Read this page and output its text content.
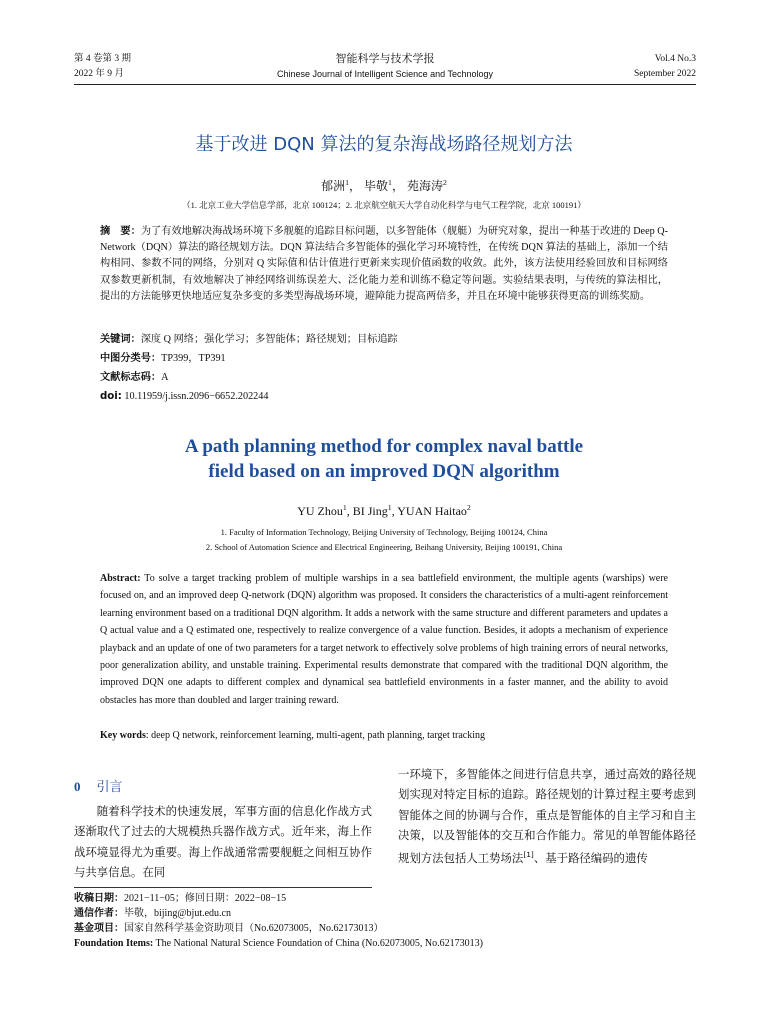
第 4 卷第 3 期
2022 年 9 月
智能科学与技术学报
Chinese Journal of Intelligent Science and Technology
Vol.4 No.3
September 2022
基于改进 DQN 算法的复杂海战场路径规划方法
郁洲$^1$， 毕敬$^1$， 苑海涛$^2$
（1. 北京工业大学信息学部，北京 100124；2. 北京航空航天大学自动化科学与电气工程学院，北京 100191）
摘　要：为了有效地解决海战场环境下多舰艇的追踪目标问题，以多智能体（舰艇）为研究对象，提出一种基于改进的 Deep Q-Network（DQN）算法的路径规划方法。DQN 算法结合多智能体的强化学习环境特性，在传统 DQN 算法的基础上，添加一个结构相同、参数不同的网络，分别对 Q 实际值和估计值进行更新来实现价值函数的收敛。此外，该方法使用经验回放和目标网络双参数更新机制，有效地解决了神经网络训练误差大、泛化能力差和训练不稳定等问题。实验结果表明，与传统的算法相比，提出的方法能够更快地适应复杂多变的多类型海战场环境，避障能力提高两倍多，并且在环境中能够获得更高的训练奖励。
关键词：深度 Q 网络；强化学习；多智能体；路径规划；目标追踪
中图分类号：TP399，TP391
文献标志码：A
doi: 10.11959/j.issn.2096−6652.202244
A path planning method for complex naval battle
field based on an improved DQN algorithm
YU Zhou$^1$, BI Jing$^1$, YUAN Haitao$^2$
1. Faculty of Information Technology, Beijing University of Technology, Beijing 100124, China
2. School of Automation Science and Electrical Engineering, Beihang University, Beijing 100191, China
Abstract: To solve a target tracking problem of multiple warships in a sea battlefield environment, the multiple agents (warships) were focused on, and an improved deep Q-network (DQN) algorithm was proposed. It considers the characteristics of a multi-agent reinforcement learning environment based on a traditional DQN algorithm. It adds a network with the same structure and different parameters and updates a Q actual value and a Q estimated one, respectively to realize convergence of a value function. Besides, it adopts a mechanism of experience playback and an update of one of two parameters for a target network to effectively solve problems of high training errors of neural networks, poor generalization ability, and unstable training. Experimental results demonstrate that compared with the traditional DQN algorithm, the improved DQN one adapts to different complex and dynamical sea battlefield environments in a faster manner, and the ability to avoid obstacles has more than doubled and larger training reward.
Key words: deep Q network, reinforcement learning, multi-agent, path planning, target tracking
0 引言
随着科学技术的快速发展，军事方面的信息化作战方式逐渐取代了过去的大规模热兵器作战方式。近年来，海上作战环境显得尤为重要。海上作战通常需要舰艇之间相互协作与共享信息。在同
一环境下，多智能体之间进行信息共享，通过高效的路径规划实现对特定目标的追踪。路径规划的计算过程主要考虑到智能体之间的协调与合作，重点是智能体的自主学习和自主决策，以及智能体的交互和合作能力。常见的单智能体路径规划方法包括人工势场法[1]、基于路径编码的遗传
收稿日期：2021−11−05；修回日期：2022−08−15
通信作者：毕敬，bijing@bjut.edu.cn
基金项目：国家自然科学基金资助项目（No.62073005，No.62173013）
Foundation Items: The National Natural Science Foundation of China (No.62073005, No.62173013)
